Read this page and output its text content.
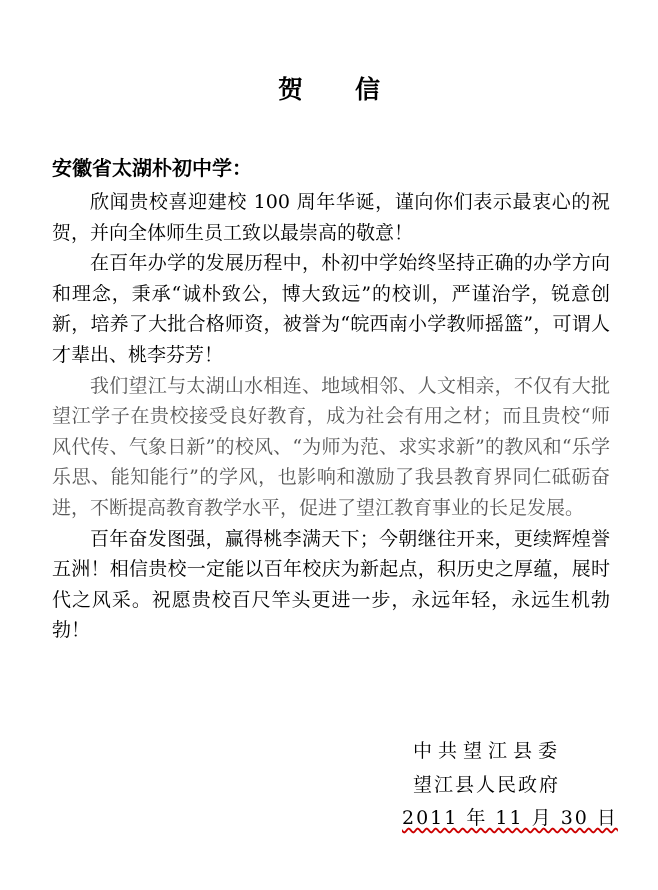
贺 信
安徽省太湖朴初中学：

欣闻贵校喜迎建校 100 周年华诞，谨向你们表示最衷心的祝贺，并向全体师生员工致以最崇高的敬意！

在百年办学的发展历程中，朴初中学始终坚持正确的办学方向和理念，秉承“诚朴致公，博大致远”的校训，严谨治学，锐意创新，培养了大批合格师资，被誉为“皖西南小学教师摇篮”，可谓人才辈出、桃李芬芳！

我们望江与太湖山水相连、地域相邻、人文相亲，不仅有大批望江学子在贵校接受良好教育，成为社会有用之材；而且贵校“师风代传、气象日新”的校风、“为师为范、求实求新”的教风和“乐学乐思、能知能行”的学风，也影响和激励了我县教育界同仁砥砺奋进，不断提高教育教学水平，促进了望江教育事业的长足发展。

百年奋发图强，赢得桃李满天下；今朝继往开来，更续辉煌誉五洲！相信贵校一定能以百年校庆为新起点，积历史之厚蕴，展时代之风采。祝愿贵校百尺竿头更进一步，永远年轻，永远生机勃勃！

中共望江县委
望江县人民政府
2011 年 11 月 30 日
